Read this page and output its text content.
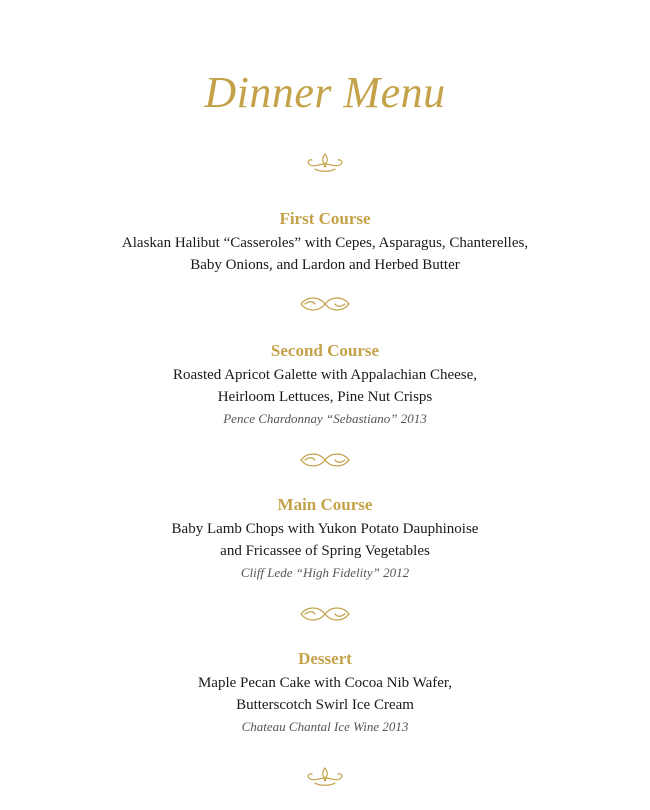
Dinner Menu

First Course

Alaskan Halibut “Casseroles” with Cepes, Asparagus, Chanterelles,

Baby Onions, and Lardon and Herbed Butter

Second Course

Roasted Apricot Galette with Appalachian Cheese,

Heirloom Lettuces, Pine Nut Crisps

Pence Chardonnay “Sebastiano” 2013

Main Course

Baby Lamb Chops with Yukon Potato Dauphinoise

and Fricassee of Spring Vegetables

Cliff Lede “High Fidelity” 2012

Dessert

Maple Pecan Cake with Cocoa Nib Wafer,

Butterscotch Swirl Ice Cream

Chateau Chantal Ice Wine 2013
